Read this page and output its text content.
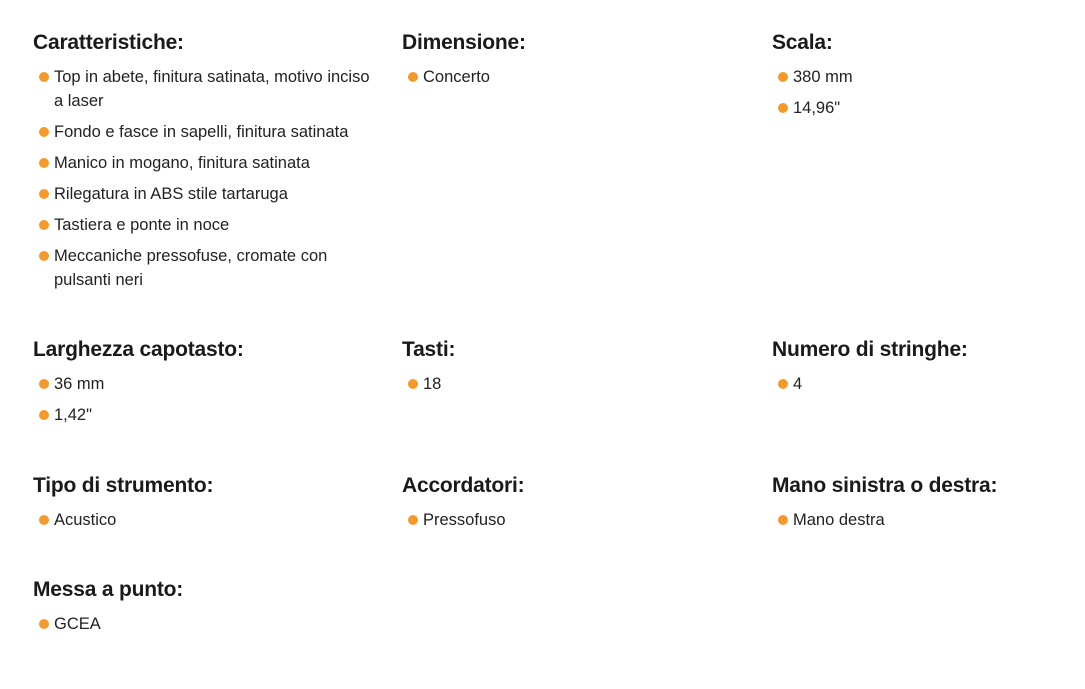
Caratteristiche:
Top in abete, finitura satinata, motivo inciso a laser
Fondo e fasce in sapelli, finitura satinata
Manico in mogano, finitura satinata
Rilegatura in ABS stile tartaruga
Tastiera e ponte in noce
Meccaniche pressofuse, cromate con pulsanti neri
Dimensione:
Concerto
Scala:
380 mm
14,96"
Larghezza capotasto:
36 mm
1,42"
Tasti:
18
Numero di stringhe:
4
Tipo di strumento:
Acustico
Accordatori:
Pressofuso
Mano sinistra o destra:
Mano destra
Messa a punto:
GCEA
